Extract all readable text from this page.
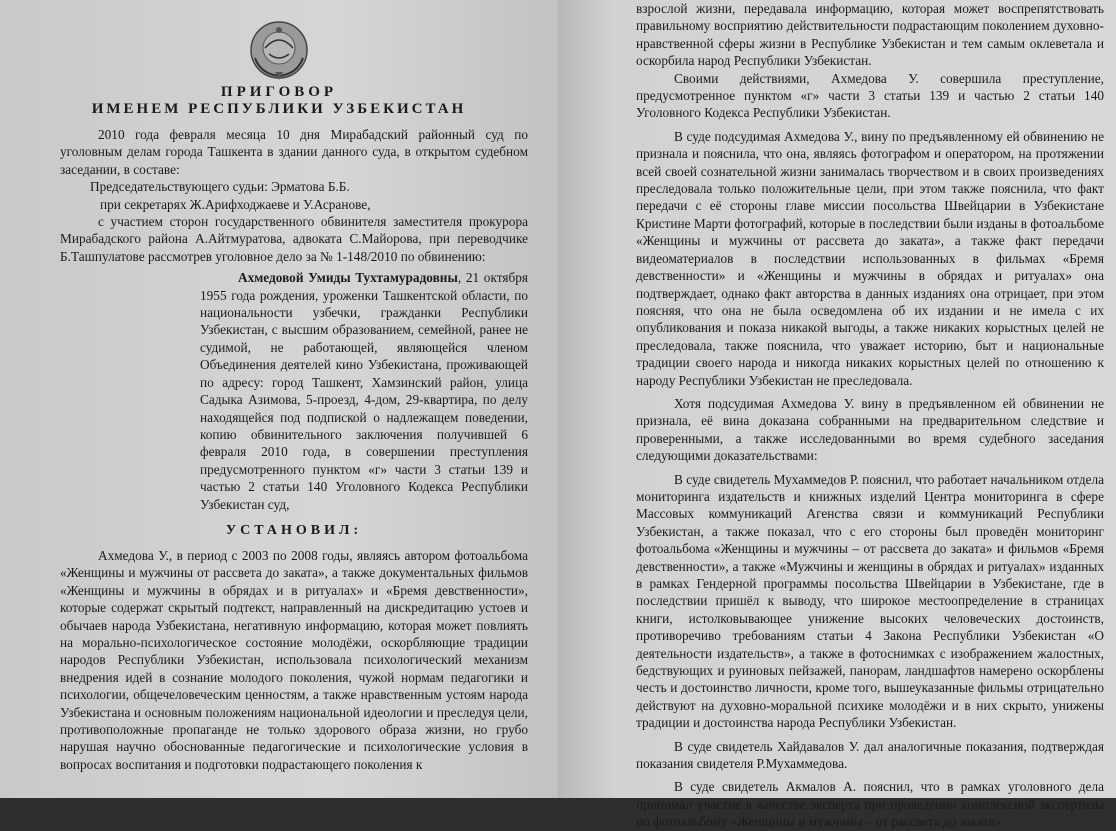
ПРИГОВОР
ИМЕНЕМ РЕСПУБЛИКИ УЗБЕКИСТАН

2010 года февраля месяца 10 дня Мирабадский районный суд по уголовным делам города Ташкента в здании данного суда, в открытом судебном заседании, в составе:

Председательствующего судьи: Эрматова Б.Б.

при секретарях Ж.Арифходжаеве и У.Асранове,

с участием сторон государственного обвинителя заместителя прокурора Мирабадского района А.Айтмуратова, адвоката С.Майорова, при переводчике Б.Ташпулатове рассмотрев уголовное дело за № 1-148/2010 по обвинению:

Ахмедовой Умиды Тухтамурадовны, 21 октября 1955 года рождения, уроженки Ташкентской области, по национальности узбечки, гражданки Республики Узбекистан, с высшим образованием, семейной, ранее не судимой, не работающей, являющейся членом Объединения деятелей кино Узбекистана, проживающей по адресу: город Ташкент, Хамзинский район, улица Садыка Азимова, 5-проезд, 4-дом, 29-квартира, по делу находящейся под подпиской о надлежащем поведении, копию обвинительного заключения получившей 6 февраля 2010 года, в совершении преступления предусмотренного пунктом «г» части 3 статьи 139 и частью 2 статьи 140 Уголовного Кодекса Республики Узбекистан суд,

УСТАНОВИЛ:

Ахмедова У., в период с 2003 по 2008 годы, являясь автором фотоальбома «Женщины и мужчины от рассвета до заката», а также документальных фильмов «Женщины и мужчины в обрядах и в ритуалах» и «Бремя девственности», которые содержат скрытый подтекст, направленный на дискредитацию устоев и обычаев народа Узбекистана, негативную информацию, которая может повлиять на морально-психологическое состояние молодёжи, оскорбляющие традиции народов Республики Узбекистан, использовала психологический механизм внедрения идей в сознание молодого поколения, чужой нормам педагогики и психологии, общечеловеческим ценностям, а также нравственным устоям народа Узбекистана и основным положениям национальной идеологии и преследуя цели, противоположные пропаганде не только здорового образа жизни, но грубо нарушая научно обоснованные педагогические и психологические условия в вопросах воспитания и подготовки подрастающего поколения к

взрослой жизни, передавала информацию, которая может воспрепятствовать правильному восприятию действительности подрастающим поколением духовно-нравственной сферы жизни в Республике Узбекистан и тем самым оклеветала и оскорбила народ Республики Узбекистан.

Своими действиями, Ахмедова У. совершила преступление, предусмотренное пунктом «г» части 3 статьи 139 и частью 2 статьи 140 Уголовного Кодекса Республики Узбекистан.

В суде подсудимая Ахмедова У., вину по предъявленному ей обвинению не признала и пояснила, что она, являясь фотографом и оператором, на протяжении всей своей сознательной жизни занималась творчеством и в своих произведениях преследовала только положительные цели, при этом также пояснила, что факт передачи с её стороны главе миссии посольства Швейцарии в Узбекистане Кристине Марти фотографий, которые в последствии были изданы в фотоальбоме «Женщины и мужчины от рассвета до заката», а также факт передачи видеоматериалов в последствии использованных в фильмах «Бремя девственности» и «Женщины и мужчины в обрядах и ритуалах» она подтверждает, однако факт авторства в данных изданиях она отрицает, при этом поясняя, что она не была осведомлена об их издании и не имела с их опубликования и показа никакой выгоды, а также никаких корыстных целей не преследовала, также пояснила, что уважает историю, быт и национальные традиции своего народа и никогда никаких корыстных целей по отношению к народу Республики Узбекистан не преследовала.

Хотя подсудимая Ахмедова У. вину в предъявленном ей обвинении не признала, её вина доказана собранными на предварительном следствие и проверенными, а также исследованными во время судебного заседания следующими доказательствами:

В суде свидетель Мухаммедов Р. пояснил, что работает начальником отдела мониторинга издательств и книжных изделий Центра мониторинга в сфере Массовых коммуникаций Агенства связи и коммуникаций Республики Узбекистан, а также показал, что с его стороны был проведён мониторинг фотоальбома «Женщины и мужчины – от рассвета до заката» и фильмов «Бремя девственности», а также «Мужчины и женщины в обрядах и ритуалах» изданных в рамках Гендерной программы посольства Швейцарии в Узбекистане, где в последствии пришёл к выводу, что широкое местоопределение в страницах книги, истолковывающее унижение высоких человеческих достоинств, противоречиво требованиям статьи 4 Закона Республики Узбекистан «О деятельности издательств», а также в фотоснимках с изображением жалостных, бедствующих и руиновых пейзажей, панорам, ландшафтов намерено оскорблены честь и достоинство личности, кроме того, вышеуказанные фильмы отрицательно действуют на духовно-моральной психике молодёжи и в них скрыто, унижены традиции и достоинства народа Республики Узбекистан.

В суде свидетель Хайдавалов У. дал аналогичные показания, подтверждая показания свидетеля Р.Мухаммедова.

В суде свидетель Акмалов А. пояснил, что в рамках уголовного дела принимал участие в качестве эксперта при проведении комплексной экспертизы по фотоальбому «Женщины и мужчины – от рассвета до заката»
